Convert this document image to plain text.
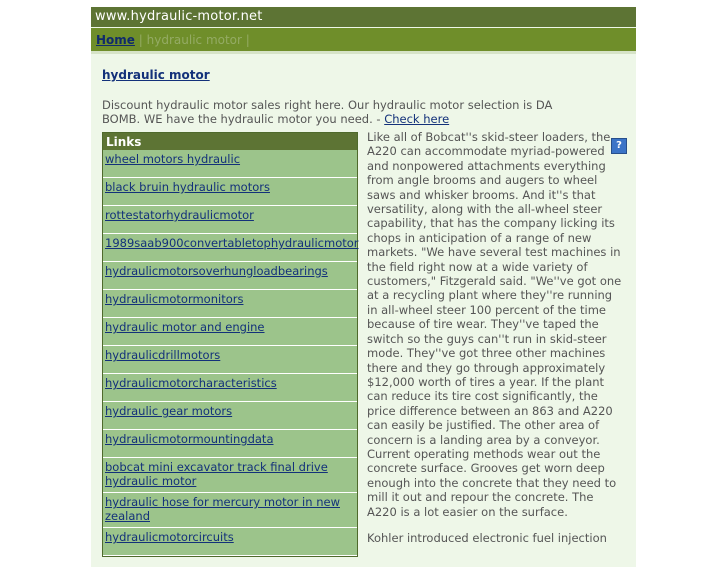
www.hydraulic-motor.net
Home | hydraulic motor |
hydraulic motor
Discount hydraulic motor sales right here. Our hydraulic motor selection is DA BOMB. WE have the hydraulic motor you need. - Check here
Links
wheel motors hydraulic
black bruin hydraulic motors
rottestatorhydraulicmotor
1989saab900convertabletophydraulicmotor
hydraulicmotorsoverhungloadbearings
hydraulicmotormonitors
hydraulic motor and engine
hydraulicdrillmotors
hydraulicmotorcharacteristics
hydraulic gear motors
hydraulicmotormountingdata
bobcat mini excavator track final drive hydraulic motor
hydraulic hose for mercury motor in new zealand
hydraulicmotorcircuits
?

Like all of Bobcat''s skid-steer loaders, the A220 can accommodate myriad-powered and nonpowered attachments everything from angle brooms and augers to wheel saws and whisker brooms. And it''s that versatility, along with the all-wheel steer capability, that has the company licking its chops in anticipation of a range of new markets. "We have several test machines in the field right now at a wide variety of customers," Fitzgerald said. "We''ve got one at a recycling plant where they''re running in all-wheel steer 100 percent of the time because of tire wear. They''ve taped the switch so the guys can''t run in skid-steer mode. They''ve got three other machines there and they go through approximately $12,000 worth of tires a year. If the plant can reduce its tire cost significantly, the price difference between an 863 and A220 can easily be justified. The other area of concern is a landing area by a conveyor. Current operating methods wear out the concrete surface. Grooves get worn deep enough into the concrete that they need to mill it out and repour the concrete. The A220 is a lot easier on the surface.

Kohler introduced electronic fuel injection
